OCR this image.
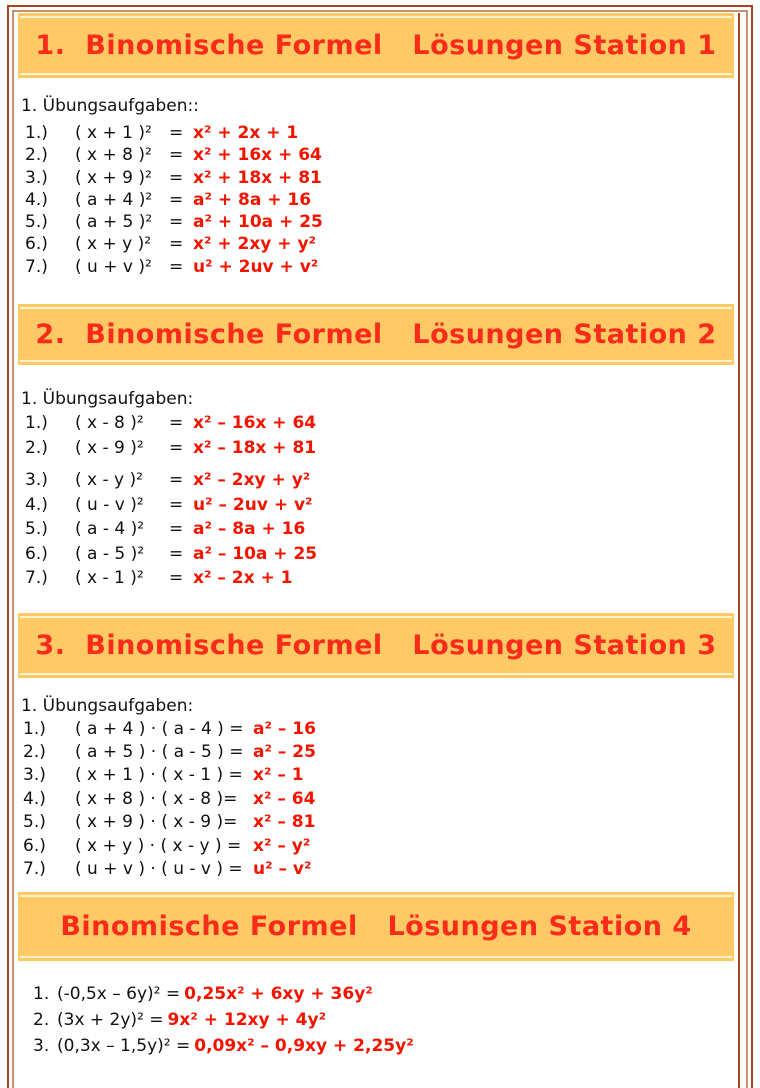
1.  Binomische Formel   Lösungen Station 1
1. Übungsaufgaben::
1.)	( x + 1 )²	= x² + 2x + 1
2.)	( x + 8 )²	= x² + 16x + 64
3.)	( x + 9 )²	= x² + 18x + 81
4.)	( a + 4 )² = a² + 8a + 16
5.)	( a + 5 )² = a² + 10a + 25
6.)	( x + y )²	= x² + 2xy + y²
7.)	( u + v )²	= u² + 2uv + v²
2.  Binomische Formel   Lösungen Station 2
1. Übungsaufgaben:
1.)	( x - 8 )²	= x² – 16x + 64
2.)	( x - 9 )²	= x² – 18x + 81
3.)	( x - y )²	= x² – 2xy + y²
4.)	( u - v )²	= u² – 2uv + v²
5.)	( a - 4 )²	= a² – 8a + 16
6.)	( a - 5 )²	= a² – 10a + 25
7.)	( x - 1 )²	= x² – 2x + 1
3.  Binomische Formel   Lösungen Station 3
1. Übungsaufgaben:
1.)	( a + 4 ) · ( a - 4 ) = a² – 16
2.)	( a + 5 ) · ( a - 5 ) = a² – 25
3.)	( x + 1 ) · ( x - 1 ) = x² – 1
4.)	( x + 8 ) · ( x - 8 )= x² – 64
5.)	( x + 9 ) · ( x - 9 )= x² – 81
6.)	( x + y ) · ( x - y ) = x² – y²
7.)	( u + v ) · ( u - v ) = u² – v²
Binomische Formel   Lösungen Station 4
1. (-0,5x – 6y)² = 0,25x² + 6xy + 36y²
2. (3x + 2y)² = 9x² + 12xy + 4y²
3. (0,3x – 1,5y)² = 0,09x² – 0,9xy + 2,25y²
